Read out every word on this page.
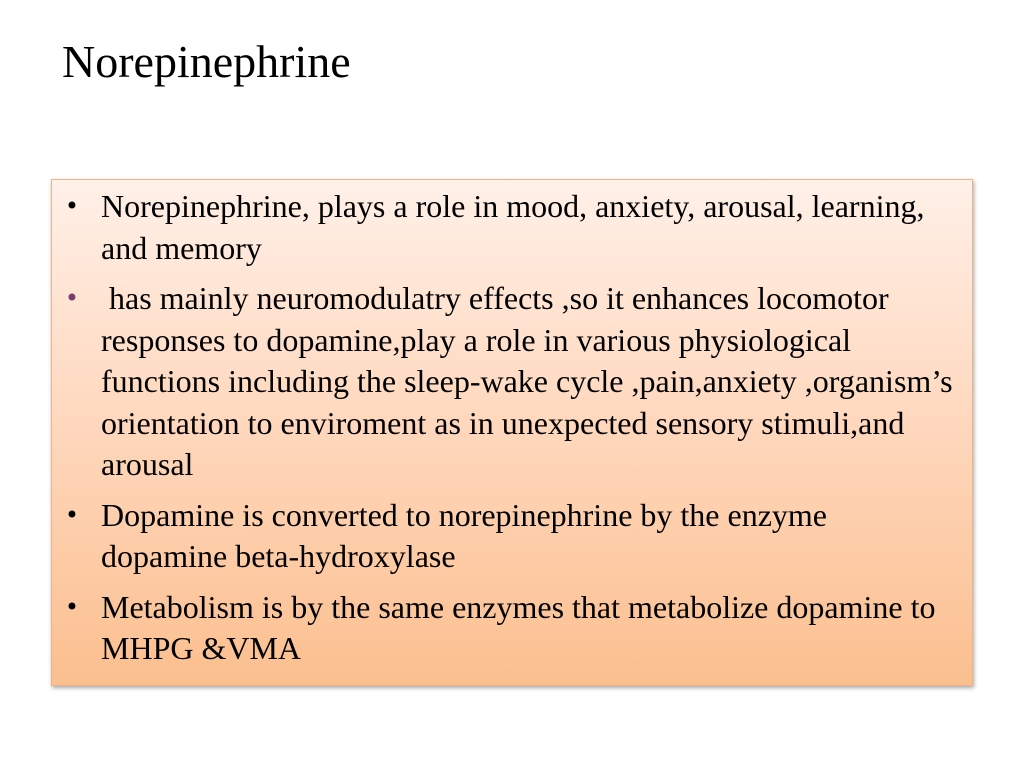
Norepinephrine
• Norepinephrine, plays a role in mood, anxiety, arousal, learning, and memory
• has mainly neuromodulatry effects ,so it enhances locomotor responses to dopamine,play a role in various physiological functions including the sleep-wake cycle ,pain,anxiety ,organism’s orientation to enviroment as in unexpected sensory stimuli,and arousal
• Dopamine is converted to norepinephrine by the enzyme dopamine beta-hydroxylase
• Metabolism is by the same enzymes that metabolize dopamine to MHPG &VMA
